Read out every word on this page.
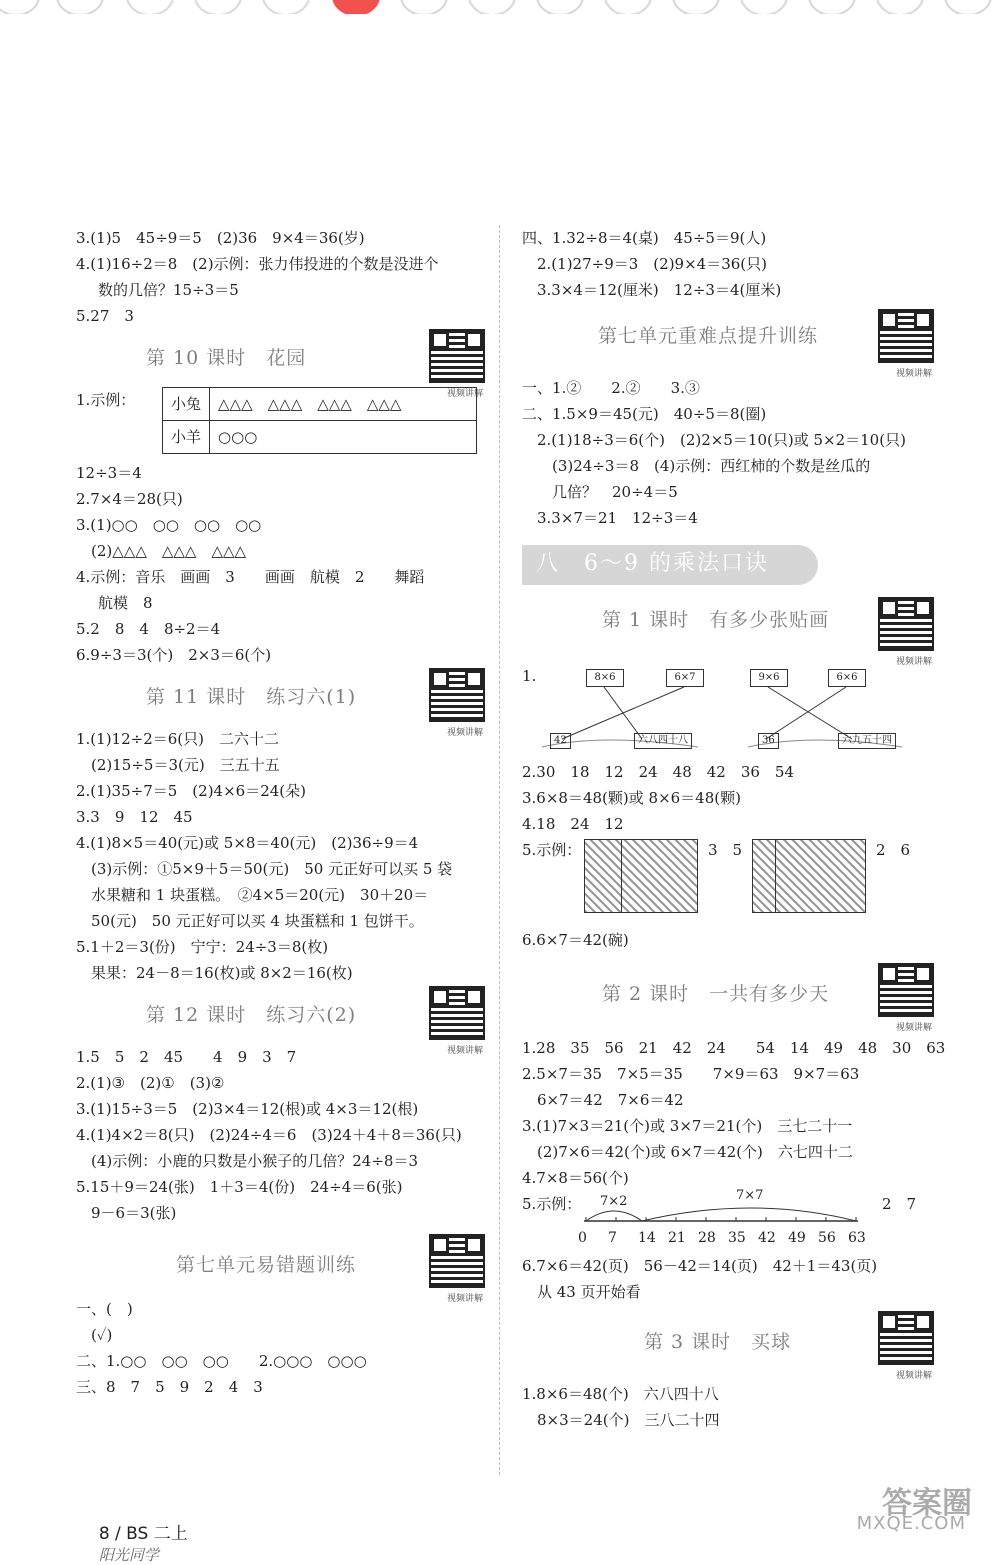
3.(1)5　45÷9＝5　(2)36　9×4＝36(岁)
4.(1)16÷2＝8　(2)示例：张力伟投进的个数是没进个
数的几倍？15÷3＝5
5.27　3
第 10 课时　花园
视频讲解
1.示例：	小兔	△△△　△△△　△△△　△△△
小羊	○○○
12÷3＝4
2.7×4＝28(只)
3.(1)○○　○○　○○　○○
　(2)△△△　△△△　△△△
4.示例：音乐　画画　3　　画画　航模　2　　舞蹈
航模　8
5.2　8　4　8÷2＝4
6.9÷3＝3(个)　2×3＝6(个)
第 11 课时　练习六(1)
视频讲解
1.(1)12÷2＝6(只)　二六十二
　(2)15÷5＝3(元)　三五十五
2.(1)35÷7＝5　(2)4×6＝24(朵)
3.3　9　12　45
4.(1)8×5＝40(元)或 5×8＝40(元)　(2)36÷9＝4
　(3)示例：①5×9＋5＝50(元)　50 元正好可以买 5 袋
　水果糖和 1 块蛋糕。　②4×5＝20(元)　30＋20＝
　50(元)　50 元正好可以买 4 块蛋糕和 1 包饼干。
5.1＋2＝3(份)　宁宁：24÷3＝8(枚)
　果果：24－8＝16(枚)或 8×2＝16(枚)
第 12 课时　练习六(2)
视频讲解
1.5　5　2　45　　4　9　3　7
2.(1)③　(2)①　(3)②
3.(1)15÷3＝5　(2)3×4＝12(根)或 4×3＝12(根)
4.(1)4×2＝8(只)　(2)24÷4＝6　(3)24＋4＋8＝36(只)
　(4)示例：小鹿的只数是小猴子的几倍？24÷8＝3
5.15＋9＝24(张)　1＋3＝4(份)　24÷4＝6(张)
　9－6＝3(张)
第七单元易错题训练
视频讲解
一、(　)
　(✓)
二、1.○○　○○　○○　　2.○○○　○○○
三、8　7　5　9　2　4　3
四、1.32÷8＝4(桌)　45÷5＝9(人)
　2.(1)27÷9＝3　(2)9×4＝36(只)
　3.3×4＝12(厘米)　12÷3＝4(厘米)
第七单元重难点提升训练
视频讲解
一、1.②　　2.②　　3.③
二、1.5×9＝45(元)　40÷5＝8(圈)
　2.(1)18÷3＝6(个)　(2)2×5＝10(只)或 5×2＝10(只)
　　(3)24÷3＝8　(4)示例：西红柿的个数是丝瓜的
　　几倍？　20÷4＝5
　3.3×7＝21　12÷3＝4
八　6～9 的乘法口诀
第 1 课时　有多少张贴画
视频讲解
1.	8×6	6×7	9×6	6×6
42	六八四十八	36	六九五十四
2.30　18　12　24　48　42　36　54
3.6×8＝48(颗)或 8×6＝48(颗)
4.18　24　12
5.示例：	3　5	2　6
6.6×7＝42(碗)
第 2 课时　一共有多少天
视频讲解
1.28　35　56　21　42　24　　54　14　49　48　30　63
2.5×7＝35　7×5＝35　　7×9＝63　9×7＝63
　6×7＝42　7×6＝42
3.(1)7×3＝21(个)或 3×7＝21(个)　三七二十一
　(2)7×6＝42(个)或 6×7＝42(个)　六七四十二
4.7×8＝56(个)
5.示例： 7×2	7×7	2　7
0 7 14 21 28 35 42 49 56 63
6.7×6＝42(页)　56－42＝14(页)　42＋1＝43(页)
　从 43 页开始看
第 3 课时　买球
视频讲解
1.8×6＝48(个)　六八四十八
　8×3＝24(个)　三八二十四

8 / BS 二上
阳光同学

答案圈
MXQE.COM
